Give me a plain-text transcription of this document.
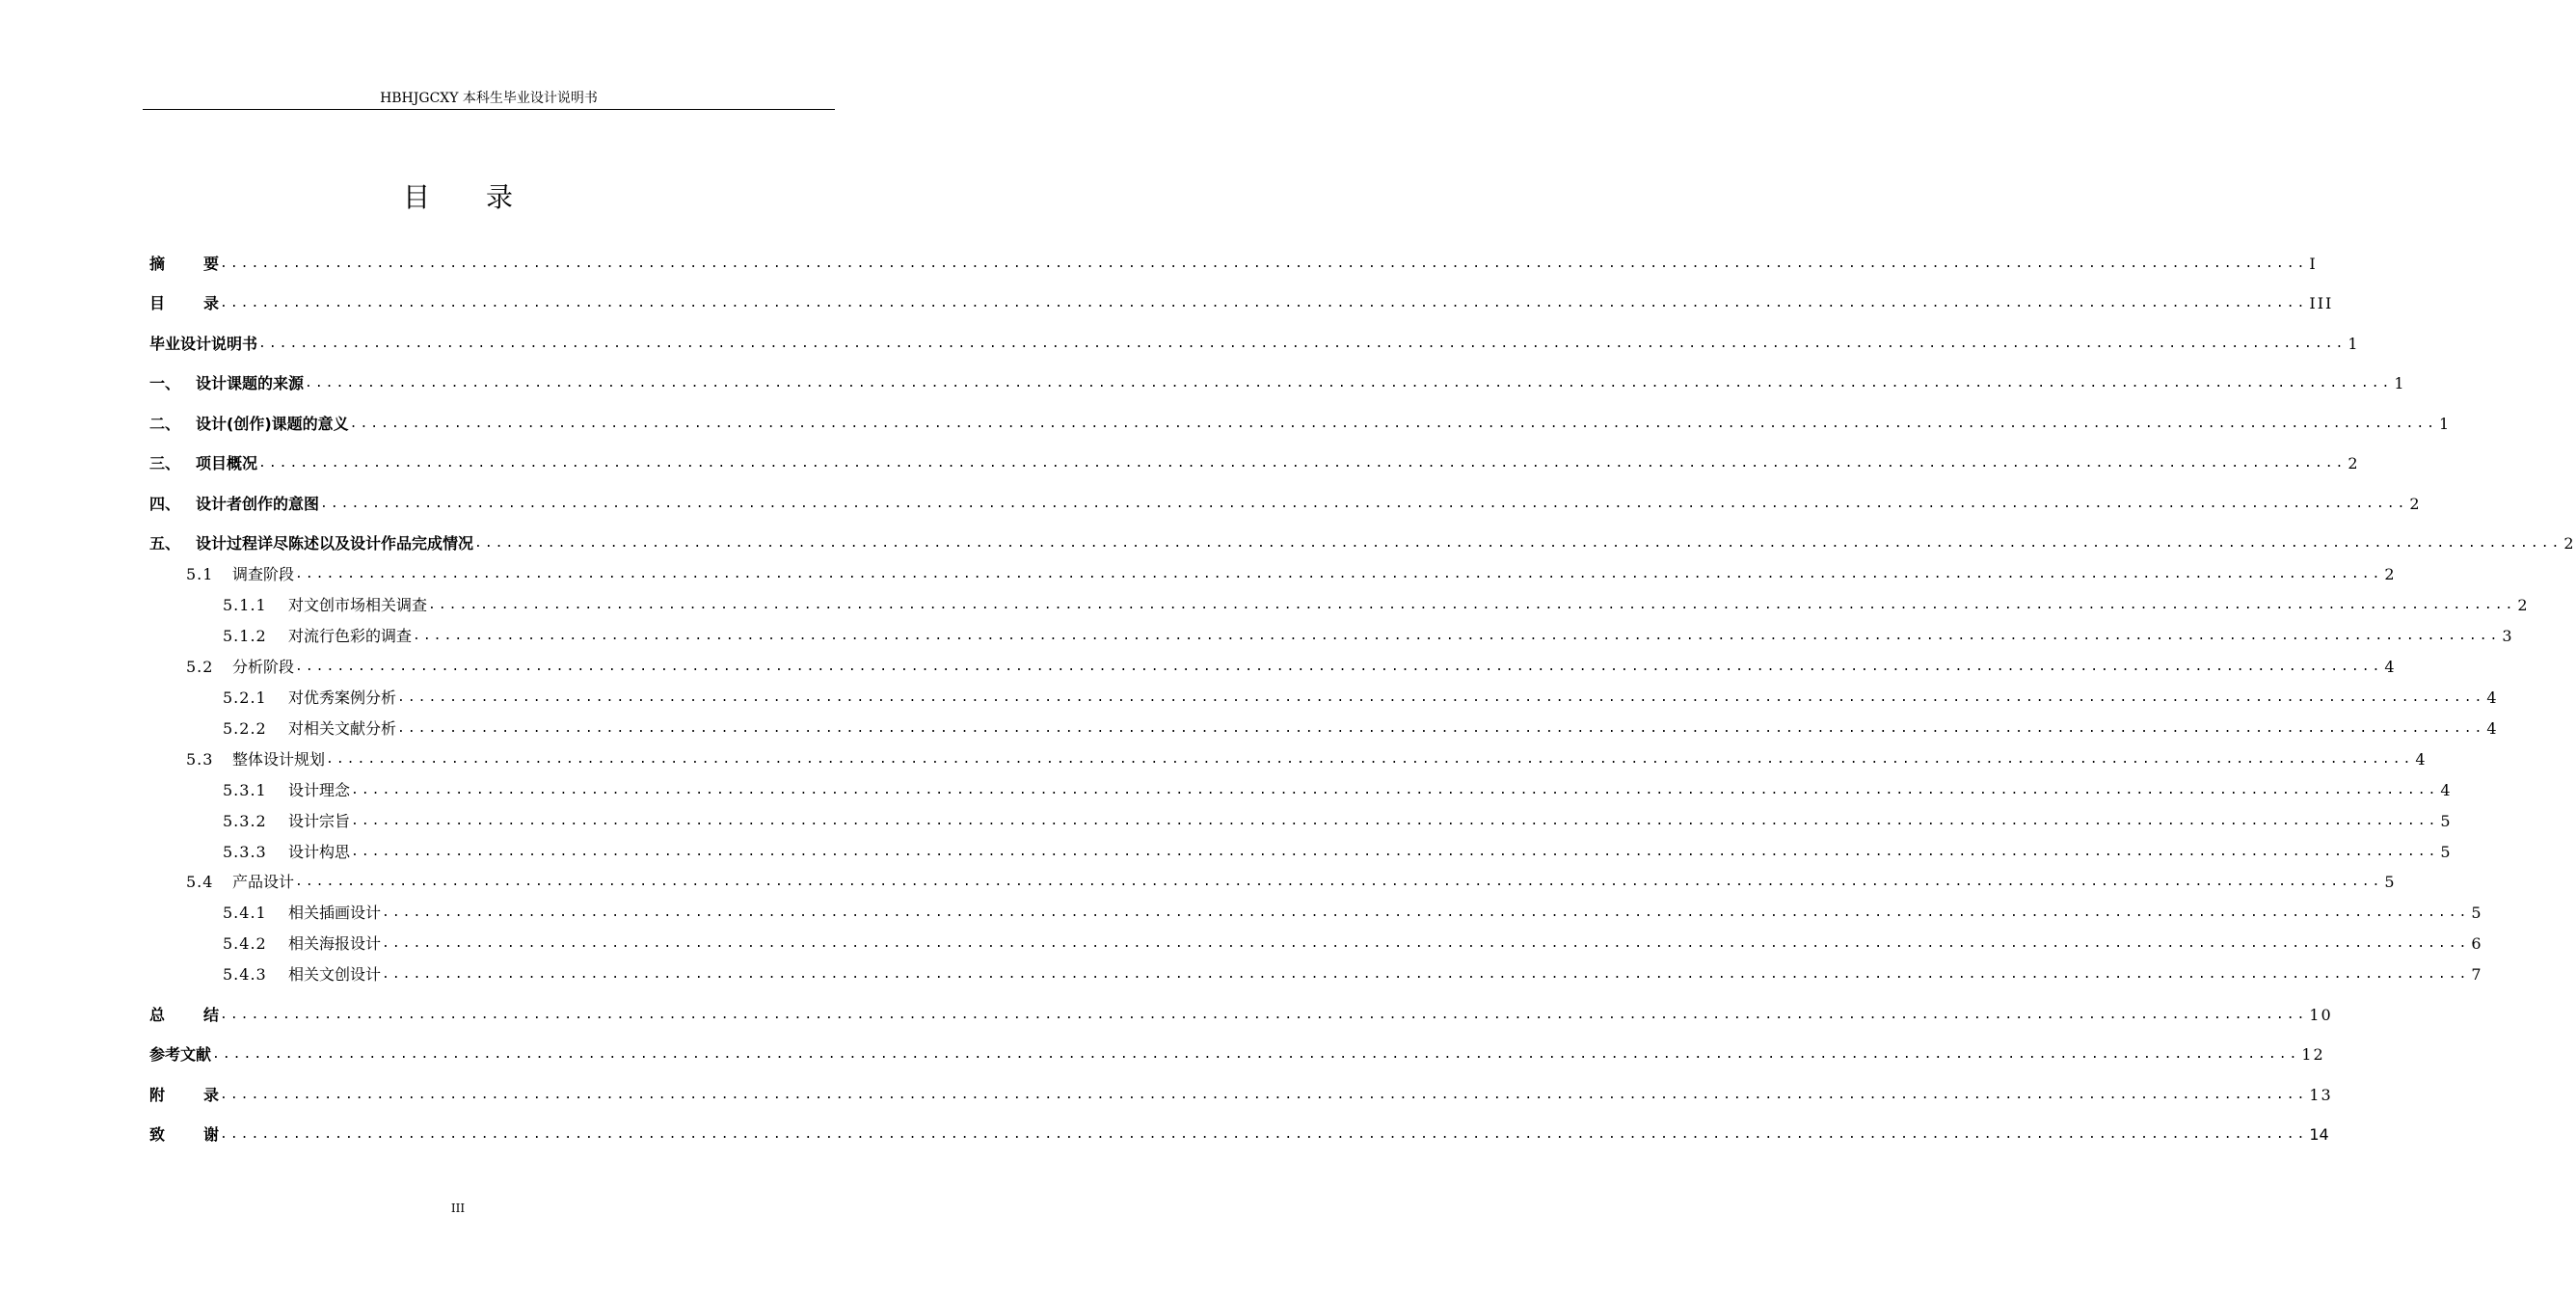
HBHJGCXY 本科生毕业设计说明书
目录
摘	要 ........................................................................................................................................................................................................ I
目	录 ........................................................................................................................................................................................................ III
毕业设计说明书 ........................................................................................................................................................................................................ 1
一、 设计课题的来源 ........................................................................................................................................................................................................ 1
二、 设计(创作)课题的意义 ........................................................................................................................................................................................................ 1
三、 项目概况 ........................................................................................................................................................................................................ 2
四、 设计者创作的意图 ........................................................................................................................................................................................................ 2
五、 设计过程详尽陈述以及设计作品完成情况 ........................................................................................................................................................................................................ 2
5.1 调查阶段 ........................................................................................................................................................................................................ 2
5.1.1 对文创市场相关调查 ........................................................................................................................................................................................................ 2
5.1.2 对流行色彩的调查 ........................................................................................................................................................................................................ 3
5.2 分析阶段 ........................................................................................................................................................................................................ 4
5.2.1 对优秀案例分析 ........................................................................................................................................................................................................ 4
5.2.2 对相关文献分析 ........................................................................................................................................................................................................ 4
5.3 整体设计规划 ........................................................................................................................................................................................................ 4
5.3.1 设计理念 ........................................................................................................................................................................................................ 4
5.3.2 设计宗旨 ........................................................................................................................................................................................................ 5
5.3.3 设计构思 ........................................................................................................................................................................................................ 5
5.4 产品设计 ........................................................................................................................................................................................................ 5
5.4.1 相关插画设计 ........................................................................................................................................................................................................ 5
5.4.2 相关海报设计 ........................................................................................................................................................................................................ 6
5.4.3 相关文创设计 ........................................................................................................................................................................................................ 7
总	结 ........................................................................................................................................................................................................ 10
参考文献 ........................................................................................................................................................................................................ 12
附	录 ........................................................................................................................................................................................................ 13
致	谢 ........................................................................................................................................................................................................ 14
III
